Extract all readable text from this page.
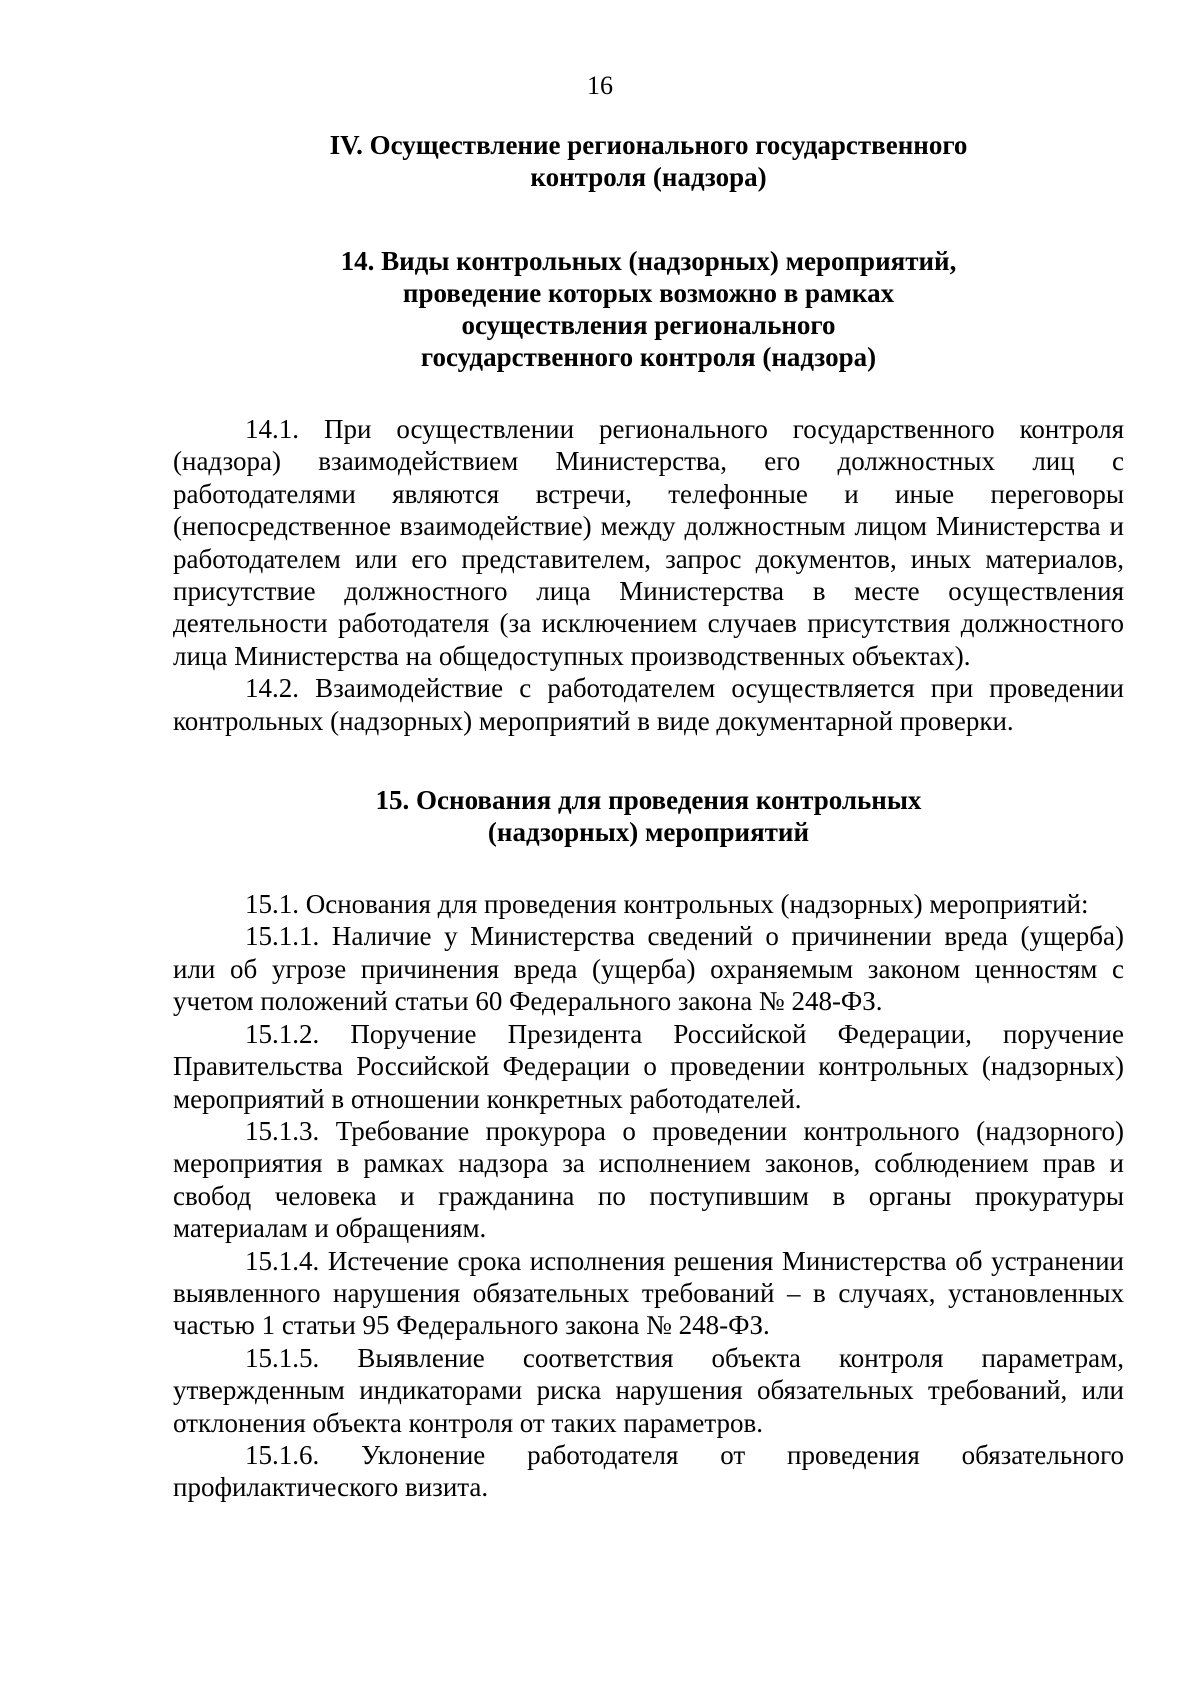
16
IV. Осуществление регионального государственного
контроля (надзора)
14. Виды контрольных (надзорных) мероприятий,
проведение которых возможно в рамках
осуществления регионального
государственного контроля (надзора)

14.1. При осуществлении регионального государственного контроля (надзора) взаимодействием Министерства, его должностных лиц с работодателями являются встречи, телефонные и иные переговоры (непосредственное взаимодействие) между должностным лицом Министерства и работодателем или его представителем, запрос документов, иных материалов, присутствие должностного лица Министерства в месте осуществления деятельности работодателя (за исключением случаев присутствия должностного лица Министерства на общедоступных производственных объектах).

14.2. Взаимодействие с работодателем осуществляется при проведении контрольных (надзорных) мероприятий в виде документарной проверки.

15. Основания для проведения контрольных
(надзорных) мероприятий

15.1. Основания для проведения контрольных (надзорных) мероприятий:

15.1.1. Наличие у Министерства сведений о причинении вреда (ущерба) или об угрозе причинения вреда (ущерба) охраняемым законом ценностям с учетом положений статьи 60 Федерального закона № 248-ФЗ.

15.1.2. Поручение Президента Российской Федерации, поручение Правительства Российской Федерации о проведении контрольных (надзорных) мероприятий в отношении конкретных работодателей.

15.1.3. Требование прокурора о проведении контрольного (надзорного) мероприятия в рамках надзора за исполнением законов, соблюдением прав и свобод человека и гражданина по поступившим в органы прокуратуры материалам и обращениям.

15.1.4. Истечение срока исполнения решения Министерства об устранении выявленного нарушения обязательных требований – в случаях, установленных частью 1 статьи 95 Федерального закона № 248-ФЗ.

15.1.5. Выявление соответствия объекта контроля параметрам, утвержденным индикаторами риска нарушения обязательных требований, или отклонения объекта контроля от таких параметров.

15.1.6. Уклонение работодателя от проведения обязательного профилактического визита.
